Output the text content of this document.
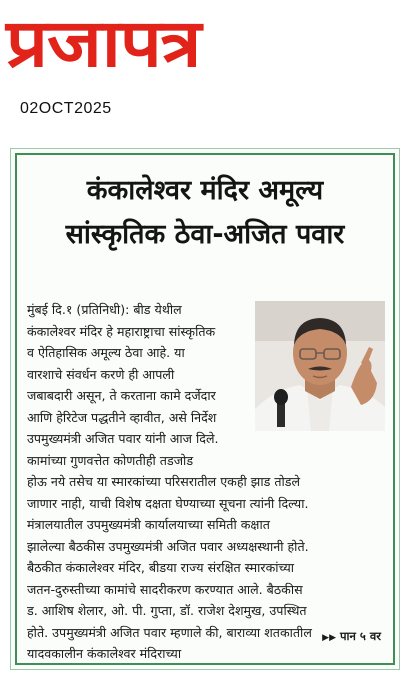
प्रजापत्र
02OCT2025
कंकालेश्वर मंदिर अमूल्य
सांस्कृतिक ठेवा-अजित पवार
मुंबई दि.१ (प्रतिनिधी): बीड येथील
कंकालेश्वर मंदिर हे महाराष्ट्राचा सांस्कृतिक
व ऐतिहासिक अमूल्य ठेवा आहे. या
वारशाचे संवर्धन करणे ही आपली
जबाबदारी असून, ते करताना कामे दर्जेदार
आणि हेरिटेज पद्धतीने व्हावीत, असे निर्देश
उपमुख्यमंत्री अजित पवार यांनी आज दिले.
कामांच्या गुणवत्तेत कोणतीही तडजोड
होऊ नये तसेच या स्मारकांच्या परिसरातील एकही झाड तोडले
जाणार नाही, याची विशेष दक्षता घेण्याच्या सूचना त्यांनी दिल्या.
मंत्रालयातील उपमुख्यमंत्री कार्यालयाच्या समिती कक्षात
झालेल्या बैठकीस उपमुख्यमंत्री अजित पवार अध्यक्षस्थानी होते.
बैठकीत कंकालेश्वर मंदिर, बीडया राज्य संरक्षित स्मारकांच्या
जतन-दुरुस्तीच्या कामांचे सादरीकरण करण्यात आले. बैठकीस
ड. आशिष शेलार, ओ. पी. गुप्ता, डॉ. राजेश देशमुख, उपस्थित
होते. उपमुख्यमंत्री अजित पवार म्हणाले की, बाराव्या शतकातील
यादवकालीन कंकालेश्वर मंदिराच्या
▶▶ पान ५ वर
